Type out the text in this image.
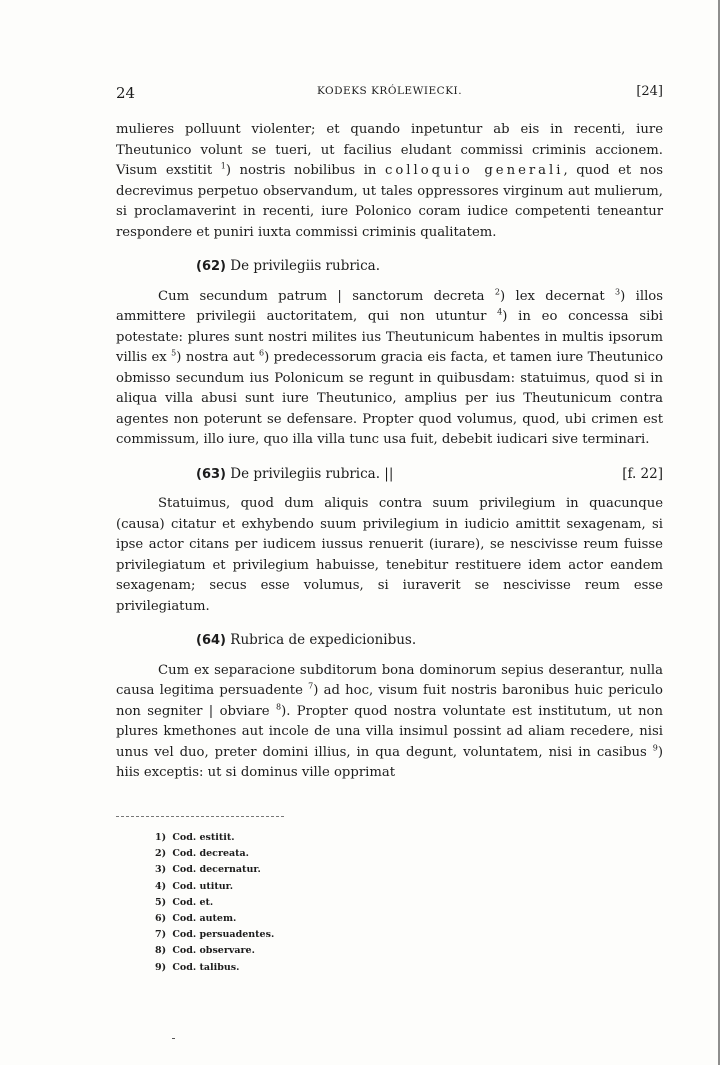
24	KODEKS KRÓLEWIECKI.	[24]

mulieres polluunt violenter; et quando inpetuntur ab eis in recenti, iure Theutunico volunt se tueri, ut facilius eludant commissi criminis accionem. Visum exstitit $^1$) nostris nobilibus in colloquio generali, quod et nos decrevimus perpetuo observandum, ut tales oppressores virginum aut mulierum, si proclamaverint in recenti, iure Polonico coram iudice competenti teneantur respondere et puniri iuxta commissi criminis qualitatem.

(62) De privilegiis rubrica.

Cum secundum patrum | sanctorum decreta $^2$) lex decernat $^3$) illos ammittere privilegii auctoritatem, qui non utuntur $^4$) in eo concessa sibi potestate: plures sunt nostri milites ius Theutunicum habentes in multis ipsorum villis ex $^5$) nostra aut $^6$) predecessorum gracia eis facta, et tamen iure Theutunico obmisso secundum ius Polonicum se regunt in quibusdam: statuimus, quod si in aliqua villa abusi sunt iure Theutunico, amplius per ius Theutunicum contra agentes non poterunt se defensare. Propter quod volumus, quod, ubi crimen est commissum, illo iure, quo illa villa tunc usa fuit, debebit iudicari sive terminari.

(63) De privilegiis rubrica. ||	[f. 22]

Statuimus, quod dum aliquis contra suum privilegium in quacunque (causa) citatur et exhybendo suum privilegium in iudicio amittit sexagenam, si ipse actor citans per iudicem iussus renuerit (iurare), se nescivisse reum fuisse privilegiatum et privilegium habuisse, tenebitur restituere idem actor eandem sexagenam; secus esse volumus, si iuraverit se nescivisse reum esse privilegiatum.

(64) Rubrica de expedicionibus.

Cum ex separacione subditorum bona dominorum sepius deserantur, nulla causa legitima persuadente $^7$) ad hoc, visum fuit nostris baronibus huic periculo non segniter | obviare $^8$). Propter quod nostra voluntate est institutum, ut non plures kmethones aut incole de una villa insimul possint ad aliam recedere, nisi unus vel duo, preter domini illius, in qua degunt, voluntatem, nisi in casibus $^9$) hiis exceptis: ut si dominus ville opprimat

1) Cod. estitit.
2) Cod. decreata.
3) Cod. decernatur.
4) Cod. utitur.
5) Cod. et.
6) Cod. autem.
7) Cod. persuadentes.
8) Cod. observare.
9) Cod. talibus.
